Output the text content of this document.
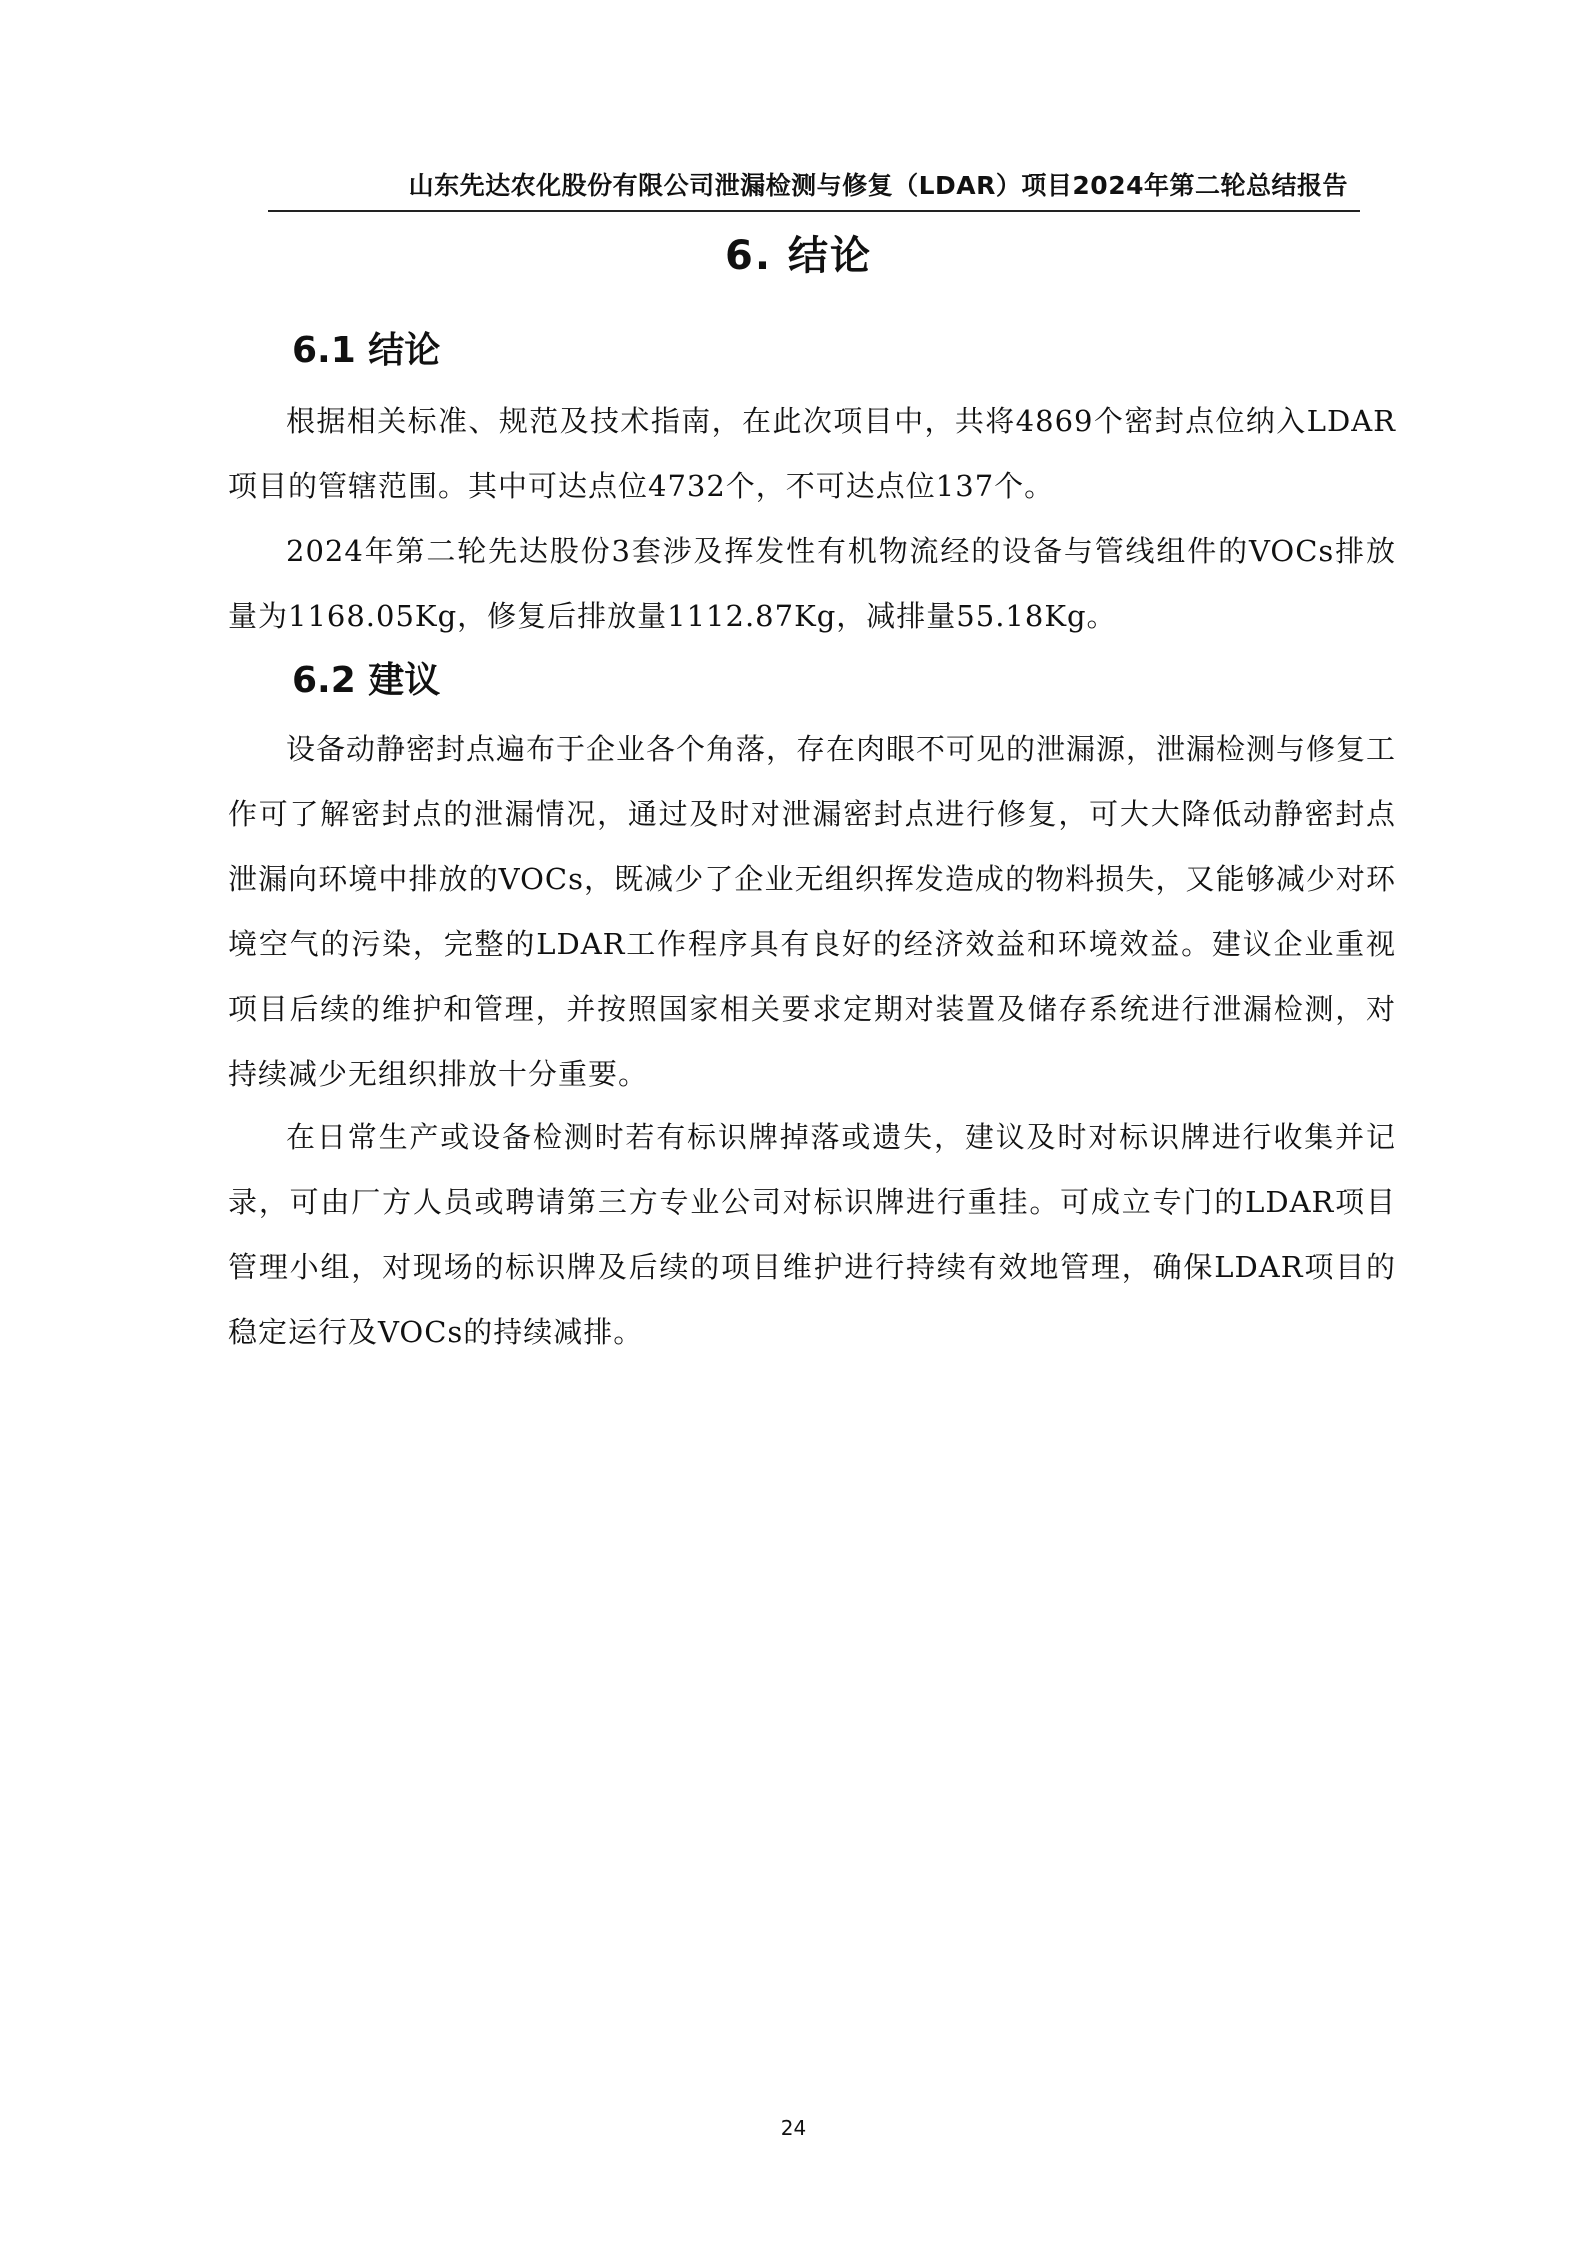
山东先达农化股份有限公司泄漏检测与修复（LDAR）项目2024年第二轮总结报告
6. 结论
6.1 结论
根据相关标准、规范及技术指南，在此次项目中，共将4869个密封点位纳入LDAR项目的管辖范围。其中可达点位4732个，不可达点位137个。
2024年第二轮先达股份3套涉及挥发性有机物流经的设备与管线组件的VOCs排放量为1168.05Kg，修复后排放量1112.87Kg，减排量55.18Kg。
6.2 建议
设备动静密封点遍布于企业各个角落，存在肉眼不可见的泄漏源，泄漏检测与修复工作可了解密封点的泄漏情况，通过及时对泄漏密封点进行修复，可大大降低动静密封点泄漏向环境中排放的VOCs，既减少了企业无组织挥发造成的物料损失，又能够减少对环境空气的污染，完整的LDAR工作程序具有良好的经济效益和环境效益。建议企业重视项目后续的维护和管理，并按照国家相关要求定期对装置及储存系统进行泄漏检测，对持续减少无组织排放十分重要。
在日常生产或设备检测时若有标识牌掉落或遗失，建议及时对标识牌进行收集并记录，可由厂方人员或聘请第三方专业公司对标识牌进行重挂。可成立专门的LDAR项目管理小组，对现场的标识牌及后续的项目维护进行持续有效地管理，确保LDAR项目的稳定运行及VOCs的持续减排。
24
